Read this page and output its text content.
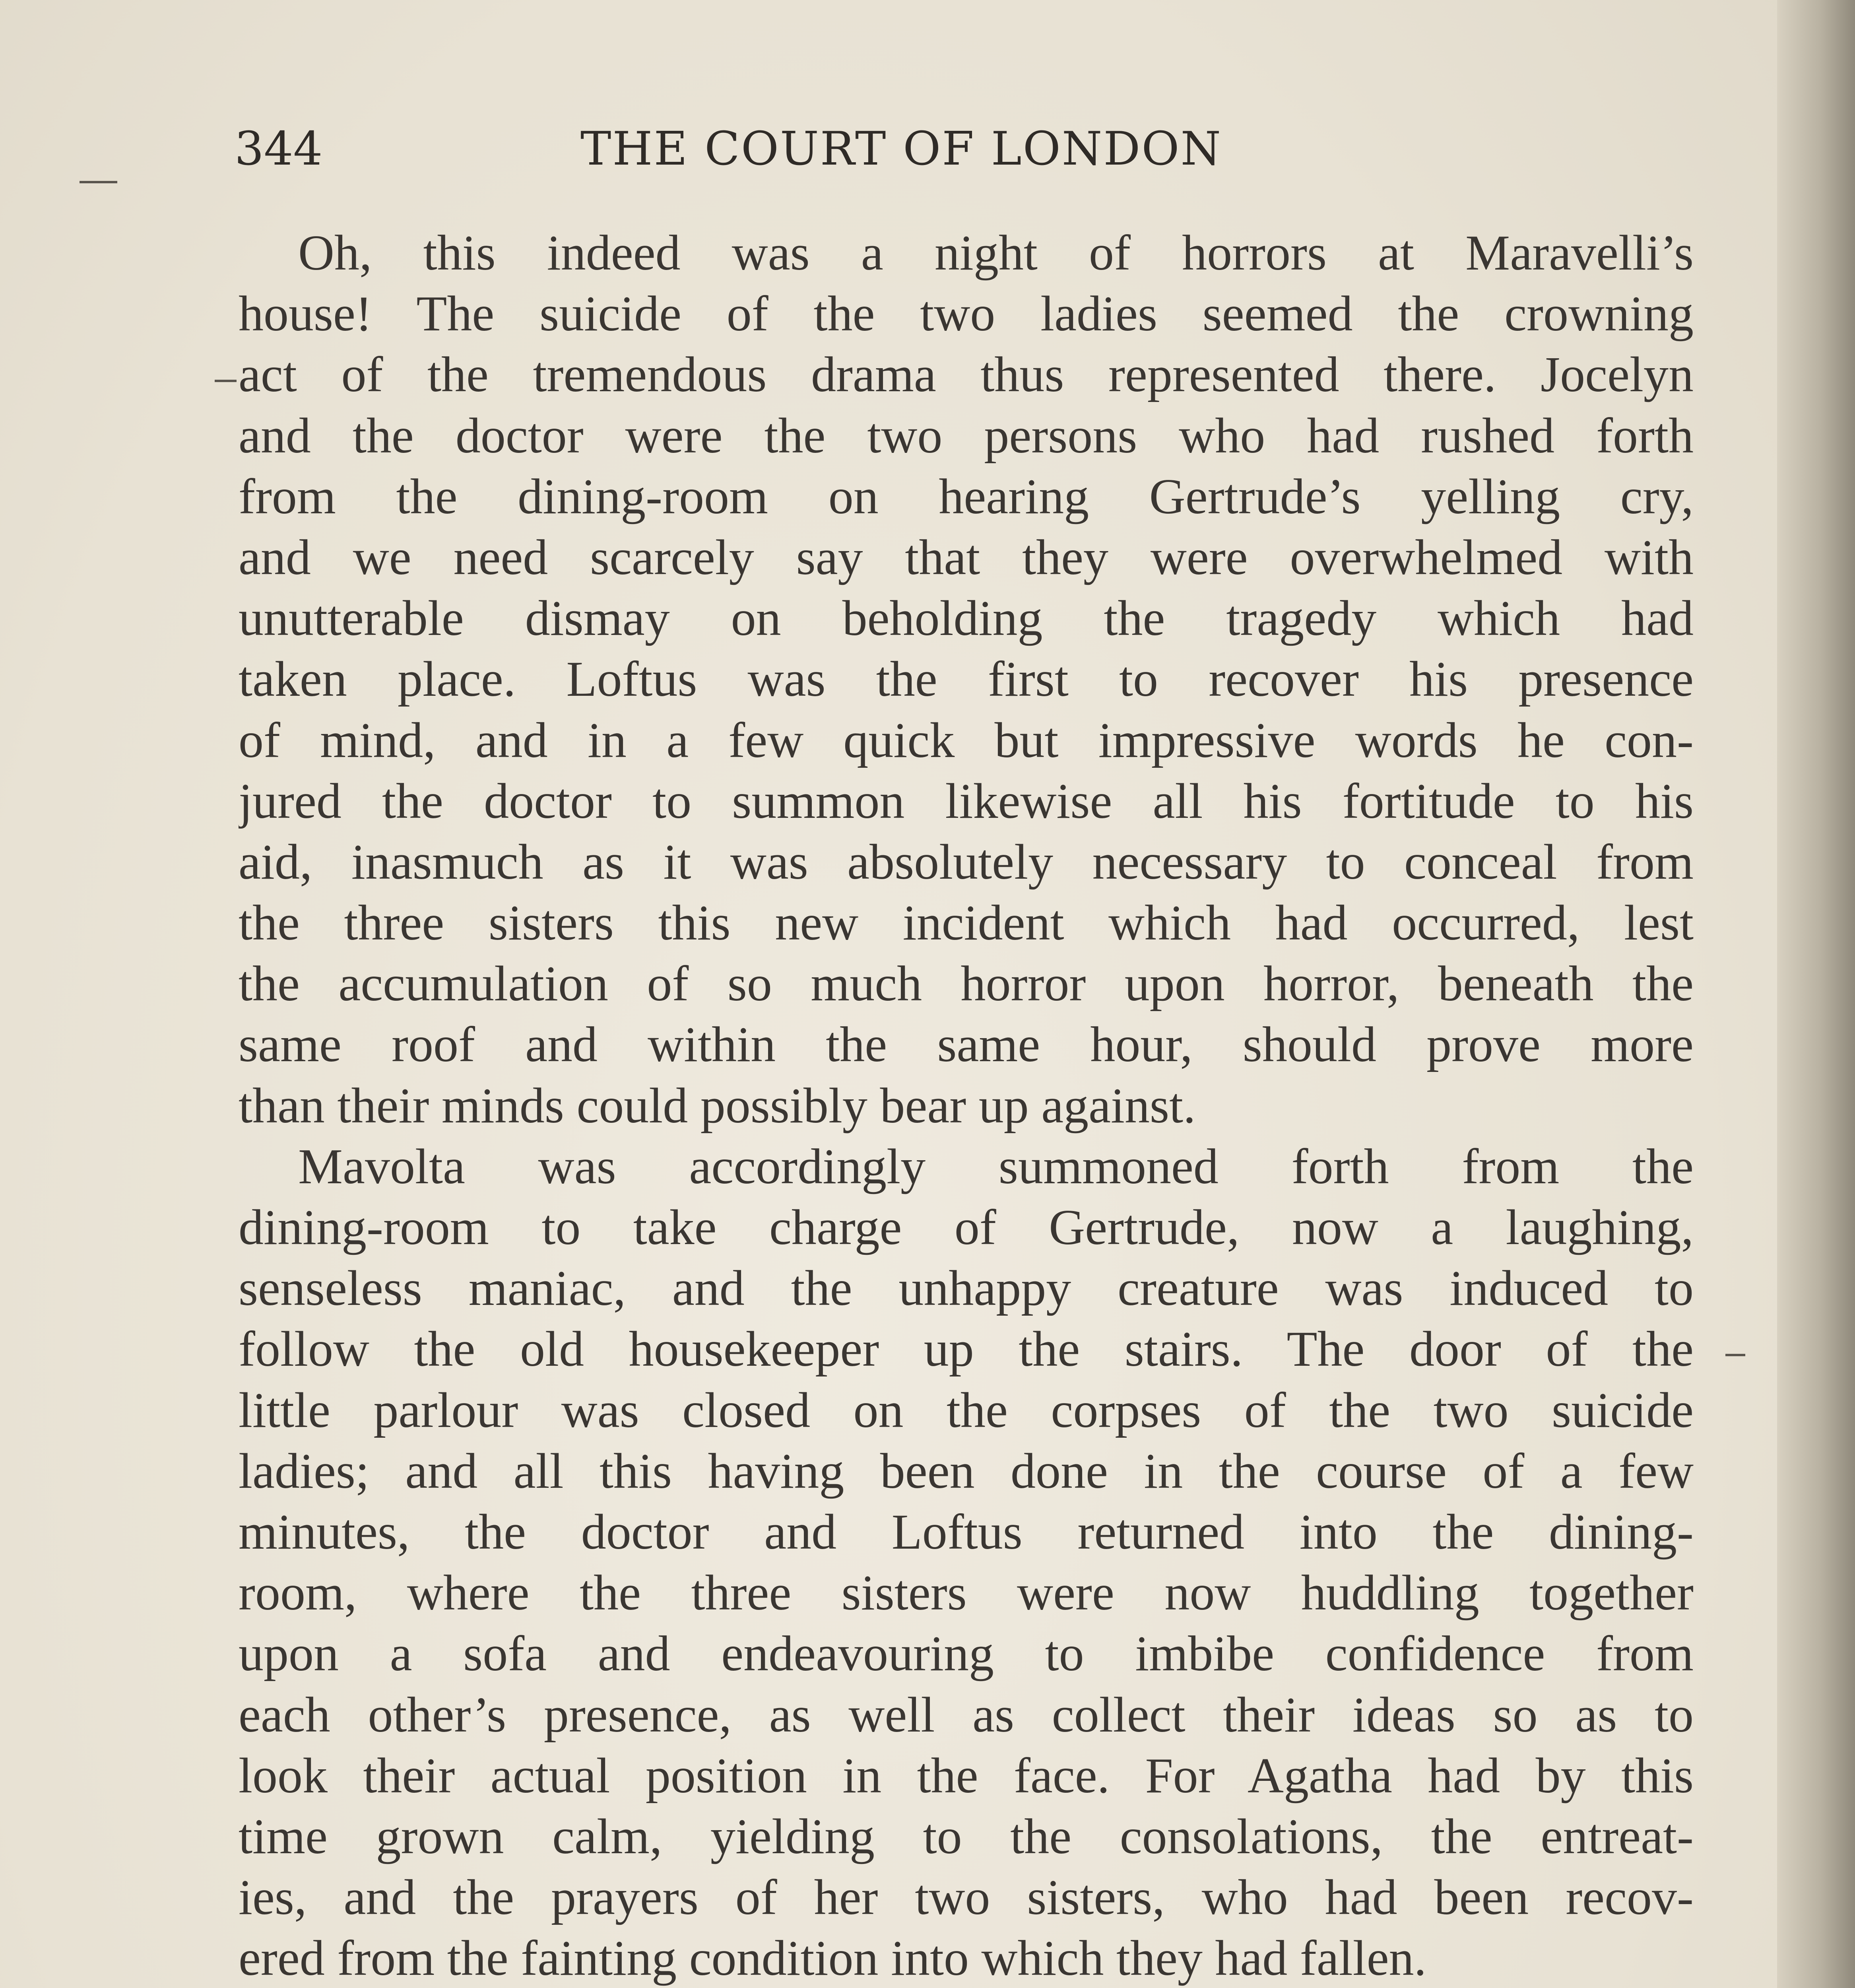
344	THE COURT OF LONDON
Oh, this indeed was a night of horrors at Maravelli’s
house! The suicide of the two ladies seemed the crowning
act of the tremendous drama thus represented there. Jocelyn
and the doctor were the two persons who had rushed forth
from the dining-room on hearing Gertrude’s yelling cry,
and we need scarcely say that they were overwhelmed with
unutterable dismay on beholding the tragedy which had
taken place. Loftus was the first to recover his presence
of mind, and in a few quick but impressive words he con-
jured the doctor to summon likewise all his fortitude to his
aid, inasmuch as it was absolutely necessary to conceal from
the three sisters this new incident which had occurred, lest
the accumulation of so much horror upon horror, beneath the
same roof and within the same hour, should prove more
than their minds could possibly bear up against.
Mavolta was accordingly summoned forth from the
dining-room to take charge of Gertrude, now a laughing,
senseless maniac, and the unhappy creature was induced to
follow the old housekeeper up the stairs. The door of the
little parlour was closed on the corpses of the two suicide
ladies; and all this having been done in the course of a few
minutes, the doctor and Loftus returned into the dining-
room, where the three sisters were now huddling together
upon a sofa and endeavouring to imbibe confidence from
each other’s presence, as well as collect their ideas so as to
look their actual position in the face. For Agatha had by this
time grown calm, yielding to the consolations, the entreat-
ies, and the prayers of her two sisters, who had been recov-
ered from the fainting condition into which they had fallen.
